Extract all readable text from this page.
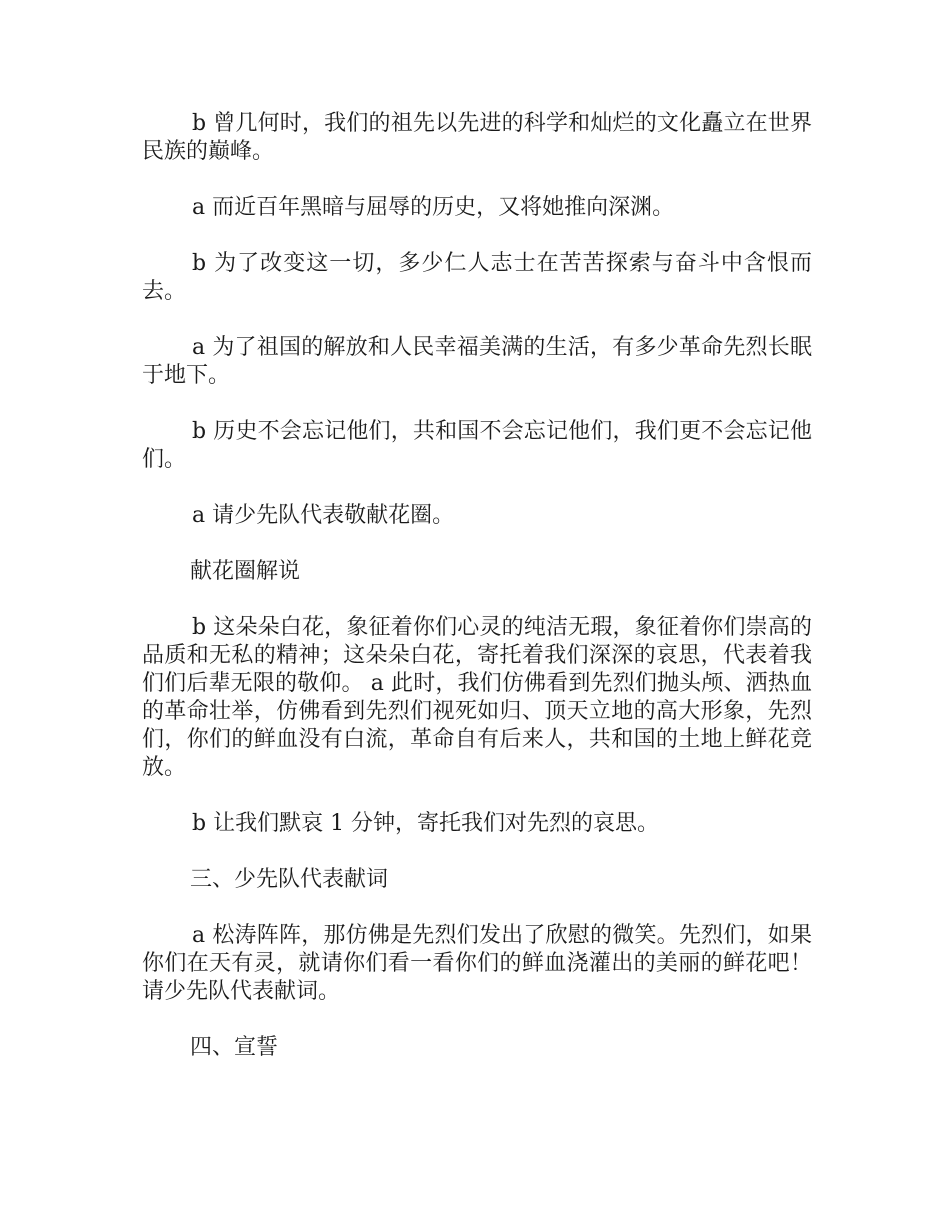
b 曾几何时，我们的祖先以先进的科学和灿烂的文化矗立在世界民族的巅峰。

a 而近百年黑暗与屈辱的历史，又将她推向深渊。

b 为了改变这一切，多少仁人志士在苦苦探索与奋斗中含恨而去。

a 为了祖国的解放和人民幸福美满的生活，有多少革命先烈长眠于地下。

b 历史不会忘记他们，共和国不会忘记他们，我们更不会忘记他们。

a 请少先队代表敬献花圈。

献花圈解说

b 这朵朵白花，象征着你们心灵的纯洁无瑕，象征着你们崇高的品质和无私的精神；这朵朵白花，寄托着我们深深的哀思，代表着我们们后辈无限的敬仰。 a 此时，我们仿佛看到先烈们抛头颅、洒热血的革命壮举，仿佛看到先烈们视死如归、顶天立地的高大形象，先烈们，你们的鲜血没有白流，革命自有后来人，共和国的土地上鲜花竞放。

b 让我们默哀 1 分钟，寄托我们对先烈的哀思。

三、少先队代表献词

a 松涛阵阵，那仿佛是先烈们发出了欣慰的微笑。先烈们，如果你们在天有灵，就请你们看一看你们的鲜血浇灌出的美丽的鲜花吧！请少先队代表献词。

四、宣誓
